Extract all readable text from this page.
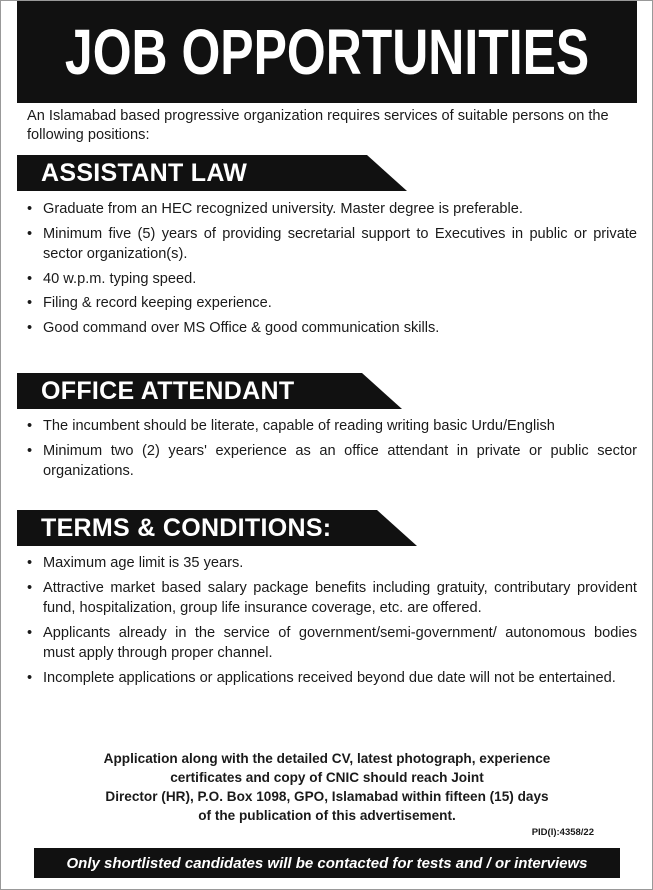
JOB OPPORTUNITIES
An Islamabad based progressive organization requires services of suitable persons on the following positions:
ASSISTANT LAW
• Graduate from an HEC recognized university. Master degree is preferable.
• Minimum five (5) years of providing secretarial support to Executives in public or private sector organization(s).
• 40 w.p.m. typing speed.
• Filing & record keeping experience.
• Good command over MS Office & good communication skills.
OFFICE ATTENDANT
• The incumbent should be literate, capable of reading writing basic Urdu/English
• Minimum two (2) years' experience as an office attendant in private or public sector organizations.
TERMS & CONDITIONS:
• Maximum age limit is 35 years.
• Attractive market based salary package benefits including gratuity, contributary provident fund, hospitalization, group life insurance coverage, etc. are offered.
• Applicants already in the service of government/semi-government/ autonomous bodies must apply through proper channel.
• Incomplete applications or applications received beyond due date will not be entertained.
Application along with the detailed CV, latest photograph, experience
certificates and copy of CNIC should reach Joint
Director (HR), P.O. Box 1098, GPO, Islamabad within fifteen (15) days
of the publication of this advertisement.
PID(I):4358/22
Only shortlisted candidates will be contacted for tests and / or interviews
